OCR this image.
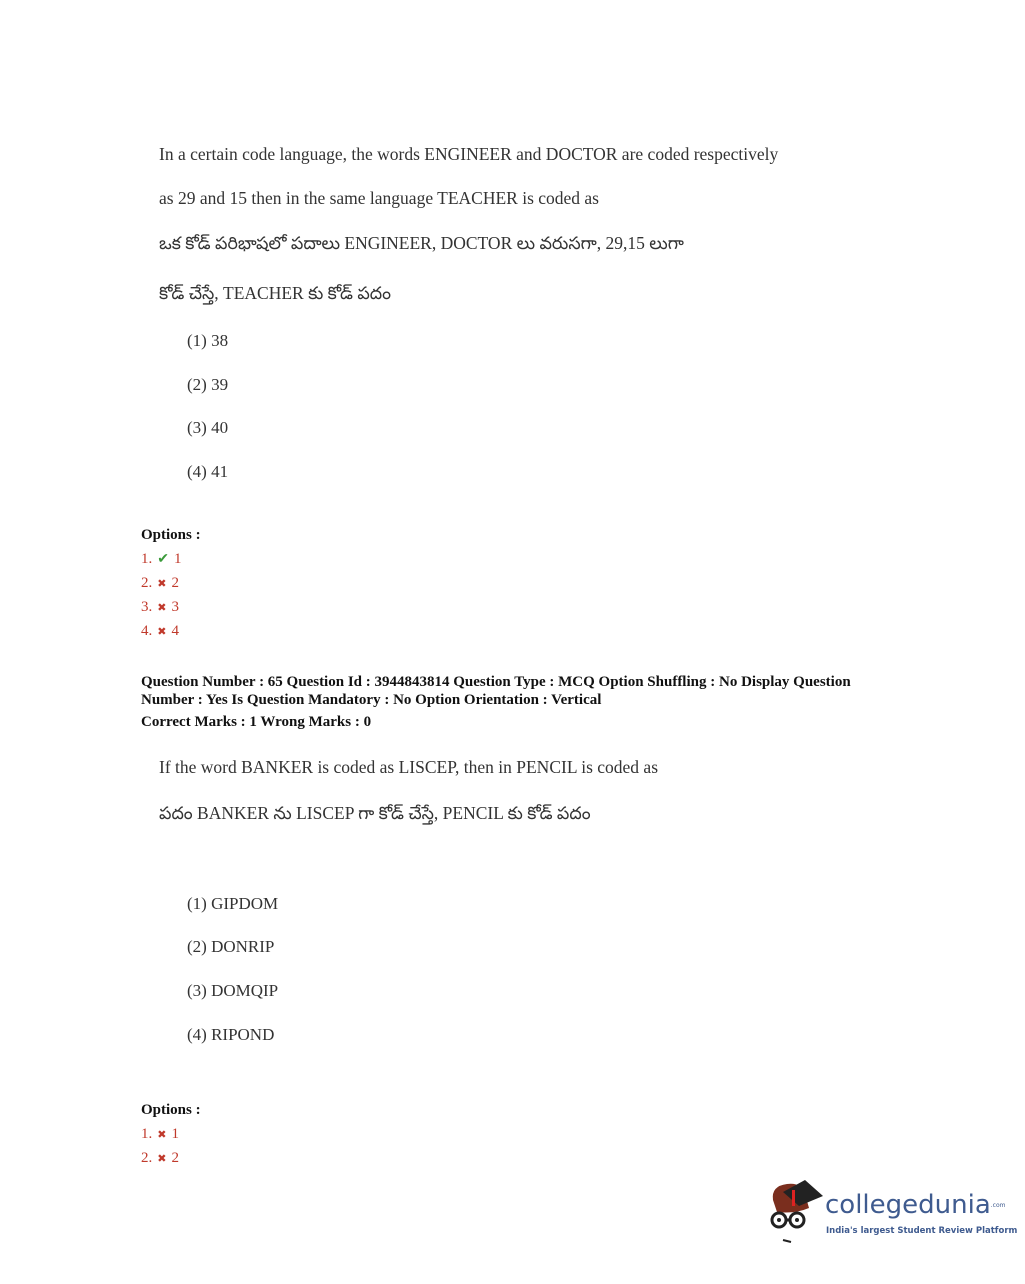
In a certain code language, the words ENGINEER and DOCTOR are coded respectively
as 29 and 15 then in the same language TEACHER is coded as
ఒక కోడ్ పరిభాషలో పదాలు ENGINEER, DOCTOR లు వరుసగా, 29,15 లుగా
కోడ్ చేస్తే, TEACHER కు కోడ్ పదం
(1) 38
(2) 39
(3) 40
(4) 41
Options :
1. ✔ 1
2. ✖ 2
3. ✖ 3
4. ✖ 4
Question Number : 65 Question Id : 3944843814 Question Type : MCQ Option Shuffling : No Display Question
Number : Yes Is Question Mandatory : No Option Orientation : Vertical
Correct Marks : 1 Wrong Marks : 0
If the word BANKER is coded as LISCEP, then in PENCIL is coded as
పదం BANKER ను LISCEP గా కోడ్ చేస్తే, PENCIL కు కోడ్ పదం
(1) GIPDOM
(2) DONRIP
(3) DOMQIP
(4) RIPOND
Options :
1. ✖ 1
2. ✖ 2
collegedunia.com
India's largest Student Review Platform
